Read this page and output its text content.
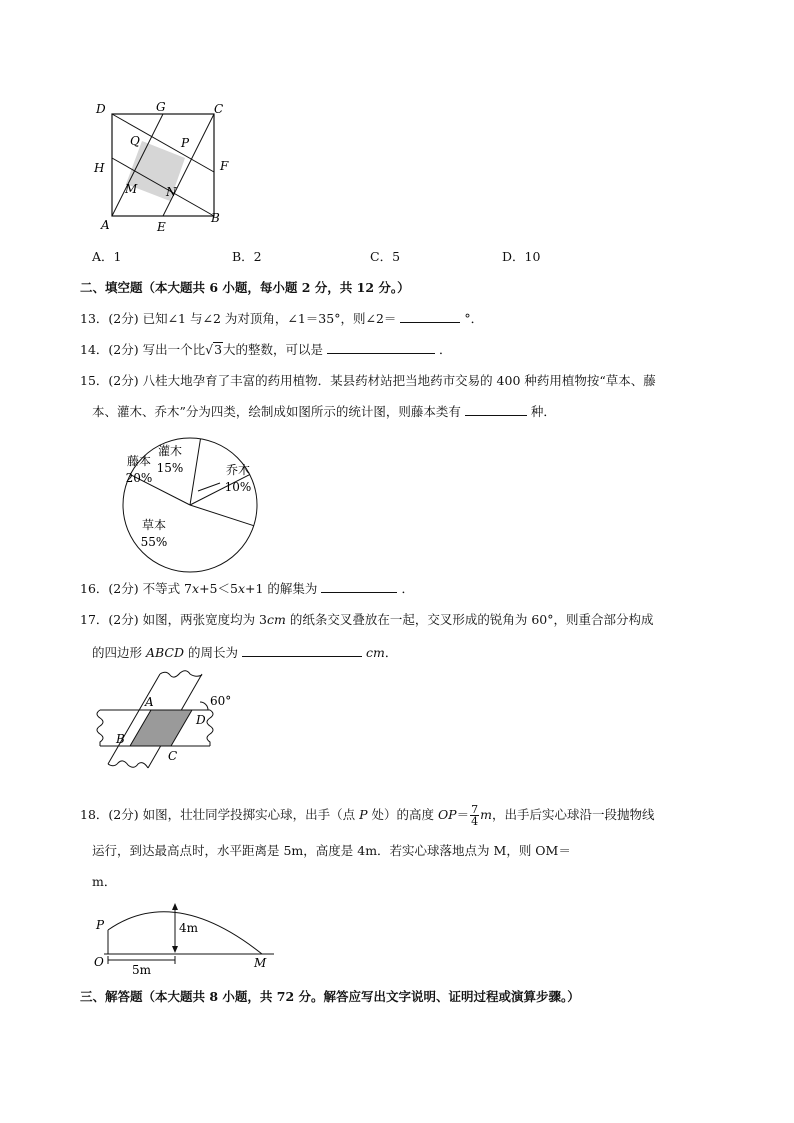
D	G	C
Q	P
H	F
M N
A	E
B
A．1	B．2	C．5	D．10
二、填空题（本大题共 6 小题，每小题 2 分，共 12 分。）
13．(2分) 已知∠1 与∠2 为对顶角，∠1＝35°，则∠2＝	°．
14．(2分) 写出一个比√3大的整数，可以是	．
15．(2分) 八桂大地孕育了丰富的药用植物．某县药材站把当地药市交易的 400 种药用植物按“草本、藤
本、灌木、乔木”分为四类，绘制成如图所示的统计图，则藤本类有	种．
草本
55%
藤本
20%
灌木
15%	乔木
10%
16．(2分) 不等式 7x+5＜5x+1 的解集为	．
17．(2分) 如图，两张宽度均为 3cm 的纸条交叉叠放在一起，交叉形成的锐角为 60°，则重合部分构成
的四边形 ABCD 的周长为	cm．
A
B
C
D
60°
18．(2分) 如图，壮壮同学投掷实心球，出手（点 P 处）的高度 $OP= \frac{7}{4}$ m，出手后实心球沿一段抛物线
运行，到达最高点时，水平距离是 5m，高度是 4m．若实心球落地点为 M，则 OM＝
m．
P
O	M
4m
5m
三、解答题（本大题共 8 小题，共 72 分。解答应写出文字说明、证明过程或演算步骤。）
